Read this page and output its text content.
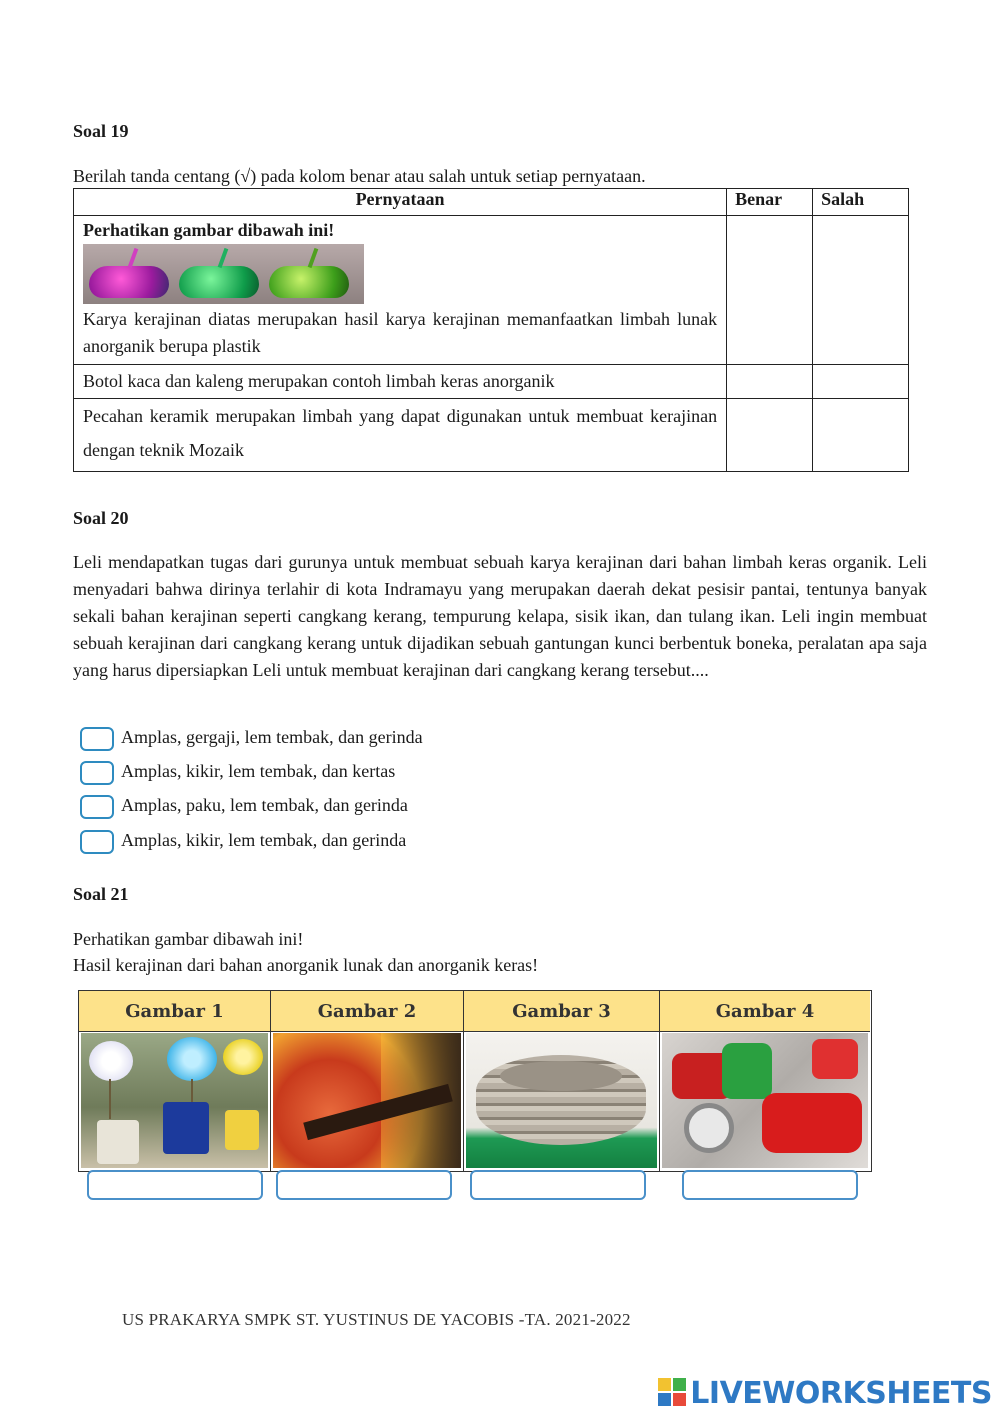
Soal 19
Berilah tanda centang (√) pada kolom benar atau salah untuk setiap pernyataan.
Pernyataan	Benar	Salah

Perhatikan gambar dibawah ini!
Karya kerajinan diatas merupakan hasil karya kerajinan memanfaatkan limbah lunak anorganik berupa plastik		

Botol kaca dan kaleng merupakan contoh limbah keras anorganik		
Pecahan keramik merupakan limbah yang dapat digunakan untuk membuat kerajinan dengan teknik Mozaik		
Soal 20
Leli mendapatkan tugas dari gurunya untuk membuat sebuah karya kerajinan dari bahan limbah keras organik. Leli menyadari bahwa dirinya terlahir di kota Indramayu yang merupakan daerah dekat pesisir pantai, tentunya banyak sekali bahan kerajinan seperti cangkang kerang, tempurung kelapa, sisik ikan, dan tulang ikan. Leli ingin membuat sebuah kerajinan dari cangkang kerang untuk dijadikan sebuah gantungan kunci berbentuk boneka, peralatan apa saja yang harus dipersiapkan Leli untuk membuat kerajinan dari cangkang kerang tersebut....
Amplas, gergaji, lem tembak, dan gerinda
Amplas, kikir, lem tembak, dan kertas
Amplas, paku, lem tembak, dan gerinda
Amplas, kikir, lem tembak, dan gerinda
Soal 21
Perhatikan gambar dibawah ini!
Hasil kerajinan dari bahan anorganik lunak dan anorganik keras!
Gambar 1	Gambar 2	Gambar 3	Gambar 4
US PRAKARYA SMPK ST. YUSTINUS DE YACOBIS -TA. 2021-2022
LIVEWORKSHEETS
